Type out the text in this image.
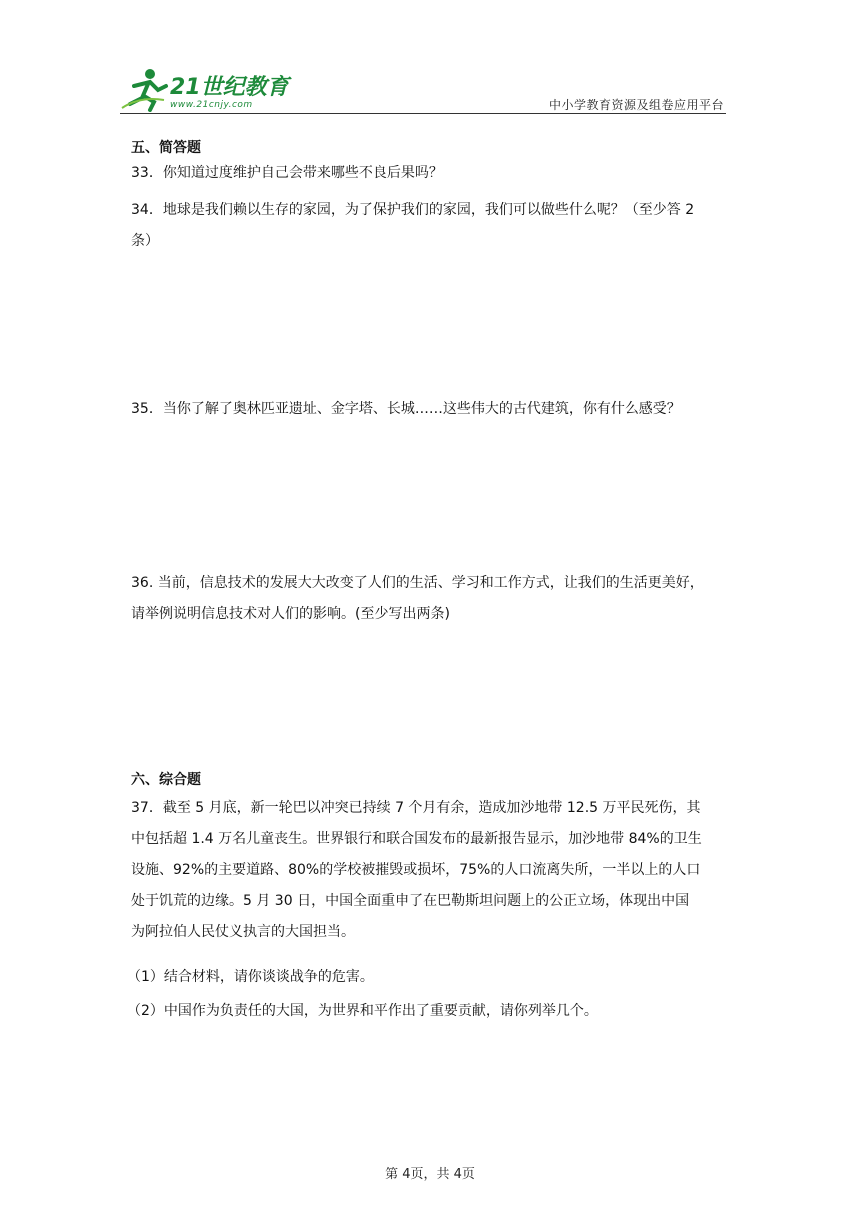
21世纪教育
www.21cnjy.com	中小学教育资源及组卷应用平台
五、简答题
33．你知道过度维护自己会带来哪些不良后果吗？
34．地球是我们赖以生存的家园，为了保护我们的家园，我们可以做些什么呢？（至少答 2
条）
35．当你了解了奥林匹亚遗址、金字塔、长城……这些伟大的古代建筑，你有什么感受？
36. 当前，信息技术的发展大大改变了人们的生活、学习和工作方式，让我们的生活更美好，
请举例说明信息技术对人们的影响。(至少写出两条)
六、综合题
37．截至 5 月底，新一轮巴以冲突已持续 7 个月有余，造成加沙地带 12.5 万平民死伤，其
中包括超 1.4 万名儿童丧生。世界银行和联合国发布的最新报告显示，加沙地带 84%的卫生
设施、92%的主要道路、80%的学校被摧毁或损坏，75%的人口流离失所，一半以上的人口
处于饥荒的边缘。5 月 30 日，中国全面重申了在巴勒斯坦问题上的公正立场，体现出中国
为阿拉伯人民仗义执言的大国担当。
（1）结合材料，请你谈谈战争的危害。
（2）中国作为负责任的大国，为世界和平作出了重要贡献，请你列举几个。
第 4页，共 4页
